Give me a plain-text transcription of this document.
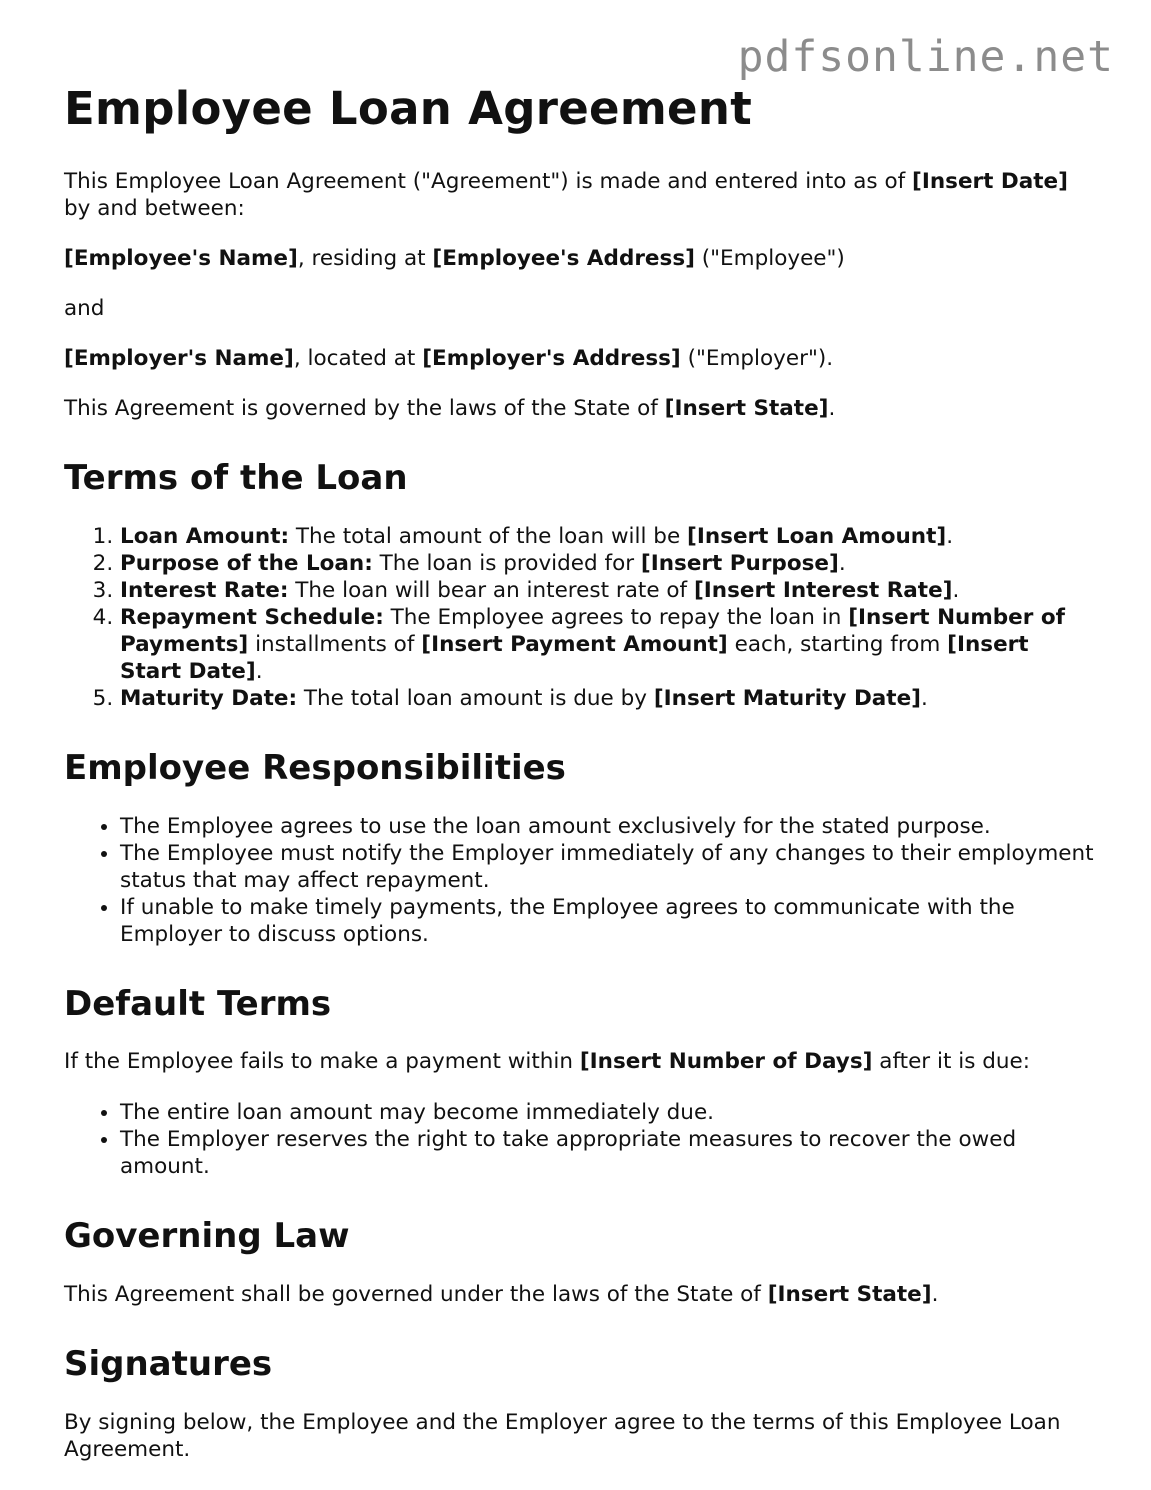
pdfsonline.net
Employee Loan Agreement

This Employee Loan Agreement ("Agreement") is made and entered into as of [Insert Date] by and between:

[Employee's Name], residing at [Employee's Address] ("Employee")

and

[Employer's Name], located at [Employer's Address] ("Employer").

This Agreement is governed by the laws of the State of [Insert State].

Terms of the Loan
1. Loan Amount: The total amount of the loan will be [Insert Loan Amount].
2. Purpose of the Loan: The loan is provided for [Insert Purpose].
3. Interest Rate: The loan will bear an interest rate of [Insert Interest Rate].
4. Repayment Schedule: The Employee agrees to repay the loan in [Insert Number of Payments] installments of [Insert Payment Amount] each, starting from [Insert Start Date].
5. Maturity Date: The total loan amount is due by [Insert Maturity Date].
Employee Responsibilities
• The Employee agrees to use the loan amount exclusively for the stated purpose.
• The Employee must notify the Employer immediately of any changes to their employment status that may affect repayment.
• If unable to make timely payments, the Employee agrees to communicate with the Employer to discuss options.
Default Terms

If the Employee fails to make a payment within [Insert Number of Days] after it is due:

• The entire loan amount may become immediately due.
• The Employer reserves the right to take appropriate measures to recover the owed amount.
Governing Law

This Agreement shall be governed under the laws of the State of [Insert State].

Signatures

By signing below, the Employee and the Employer agree to the terms of this Employee Loan Agreement.
